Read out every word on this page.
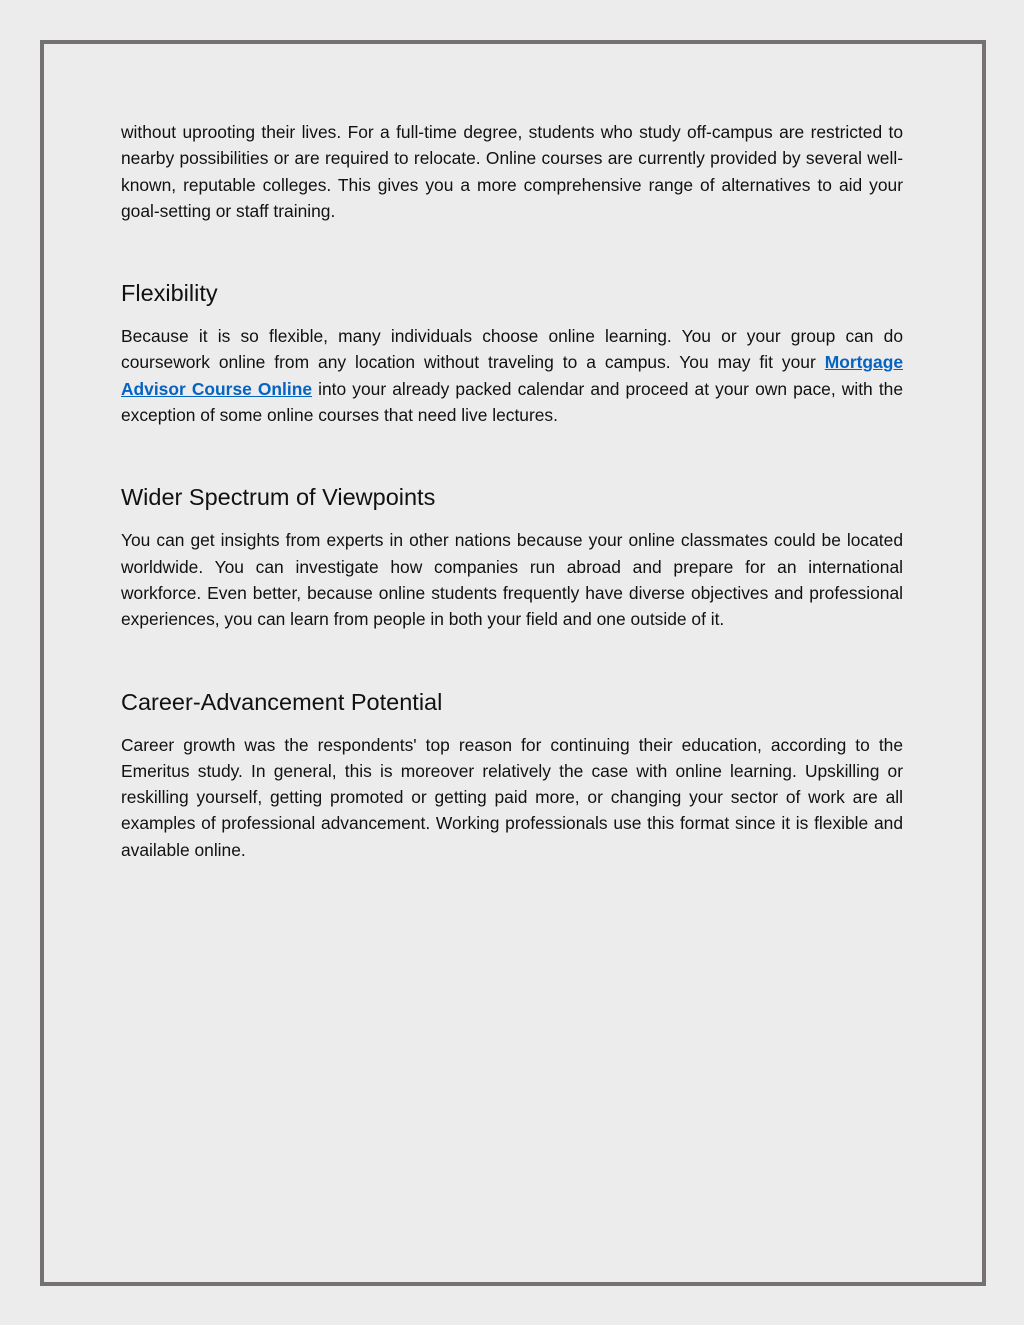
without uprooting their lives. For a full-time degree, students who study off-campus are restricted to nearby possibilities or are required to relocate. Online courses are currently provided by several well-known, reputable colleges. This gives you a more comprehensive range of alternatives to aid your goal-setting or staff training.

Flexibility

Because it is so flexible, many individuals choose online learning. You or your group can do coursework online from any location without traveling to a campus. You may fit your Mortgage Advisor Course Online into your already packed calendar and proceed at your own pace, with the exception of some online courses that need live lectures.

Wider Spectrum of Viewpoints

You can get insights from experts in other nations because your online classmates could be located worldwide. You can investigate how companies run abroad and prepare for an international workforce. Even better, because online students frequently have diverse objectives and professional experiences, you can learn from people in both your field and one outside of it.

Career-Advancement Potential

Career growth was the respondents' top reason for continuing their education, according to the Emeritus study. In general, this is moreover relatively the case with online learning. Upskilling or reskilling yourself, getting promoted or getting paid more, or changing your sector of work are all examples of professional advancement. Working professionals use this format since it is flexible and available online.
